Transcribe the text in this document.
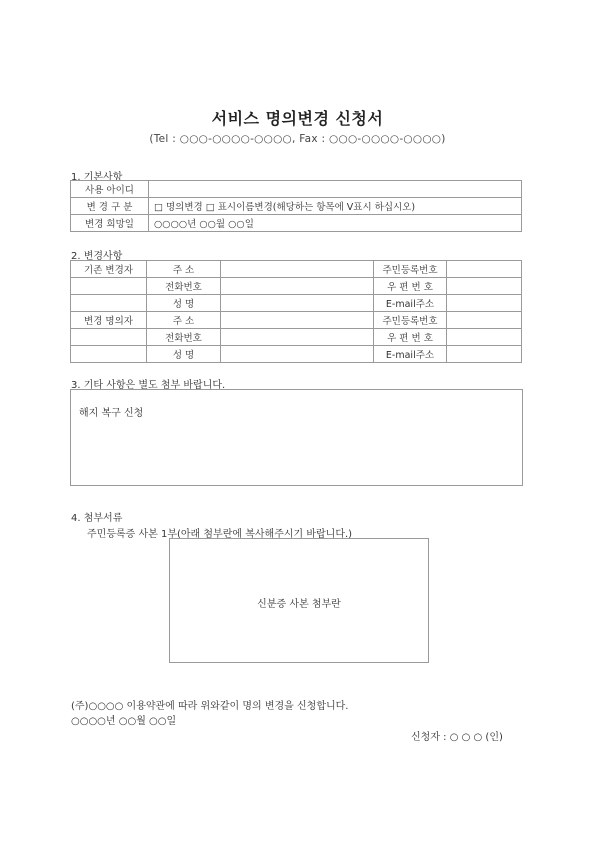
서비스 명의변경 신청서
(Tel : ○○○-○○○○-○○○○, Fax : ○○○-○○○○-○○○○)
1. 기본사항
사용 아이디	
변 경 구 분	□ 명의변경 □ 표시이름변경(해당하는 항목에 V표시 하십시오)
변경 희망일	○○○○년 ○○월 ○○일
2. 변경사항
기존 변경자	주 소		주민등록번호	
	전화번호		우 편 번 호	
	성 명		E-mail주소	
변경 명의자	주 소		주민등록번호	
	전화번호		우 편 번 호	
	성 명		E-mail주소	
3. 기타 사항은 별도 첨부 바랍니다.
해지 복구 신청
4. 첨부서류
주민등록증 사본 1부(아래 첨부란에 복사해주시기 바랍니다.)
신분증 사본 첨부란
(주)○○○○ 이용약관에 따라 위와같이 명의 변경을 신청합니다.
○○○○년 ○○월 ○○일
신청자 : ○ ○ ○ (인)
